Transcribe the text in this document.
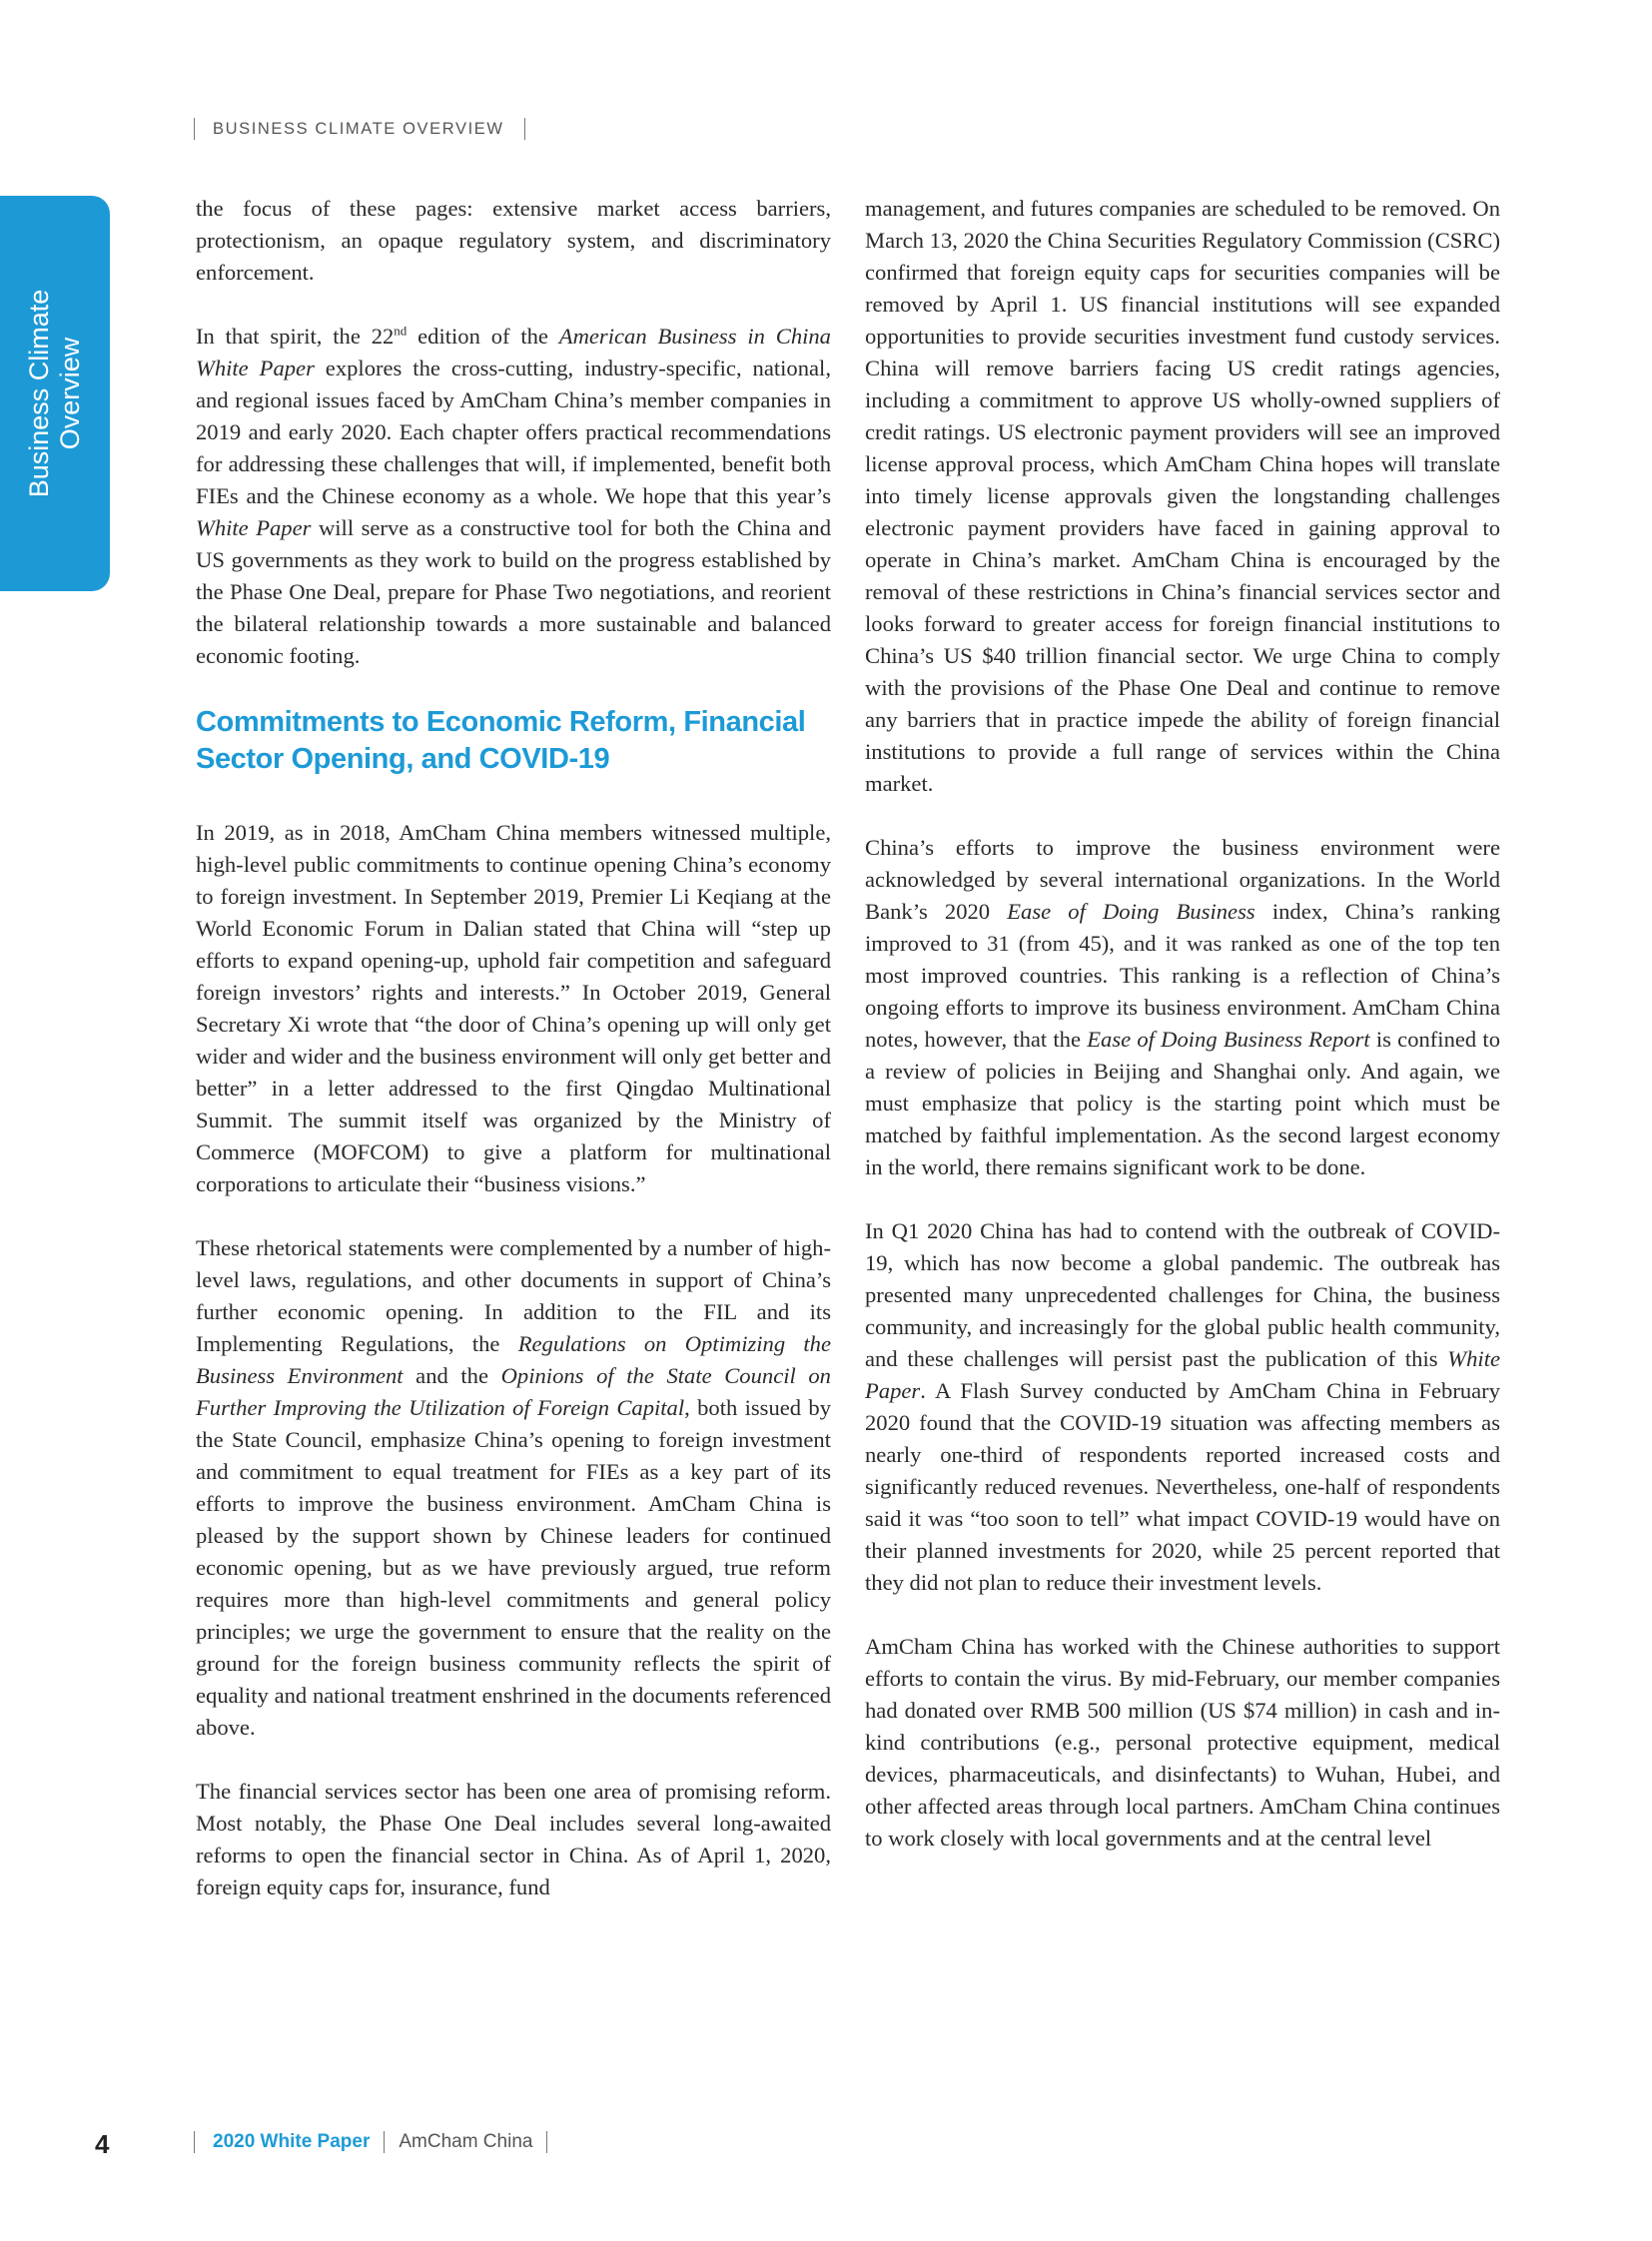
BUSINESS CLIMATE OVERVIEW
Business Climate Overview

the focus of these pages: extensive market access barriers, protectionism, an opaque regulatory system, and discriminatory enforcement.

In that spirit, the 22nd edition of the American Business in China White Paper explores the cross-cutting, industry-specific, national, and regional issues faced by AmCham China’s member companies in 2019 and early 2020. Each chapter offers practical recommendations for addressing these challenges that will, if implemented, benefit both FIEs and the Chinese economy as a whole. We hope that this year’s White Paper will serve as a constructive tool for both the China and US governments as they work to build on the progress established by the Phase One Deal, prepare for Phase Two negotiations, and reorient the bilateral relationship towards a more sustainable and balanced economic footing.

Commitments to Economic Reform, Financial
Sector Opening, and COVID-19

In 2019, as in 2018, AmCham China members witnessed multiple, high-level public commitments to continue opening China’s economy to foreign investment. In September 2019, Premier Li Keqiang at the World Economic Forum in Dalian stated that China will “step up efforts to expand opening-up, uphold fair competition and safeguard foreign investors’ rights and interests.” In October 2019, General Secretary Xi wrote that “the door of China’s opening up will only get wider and wider and the business environment will only get better and better” in a letter addressed to the first Qingdao Multinational Summit. The summit itself was organized by the Ministry of Commerce (MOFCOM) to give a platform for multinational corporations to articulate their “business visions.”

These rhetorical statements were complemented by a number of high-level laws, regulations, and other documents in support of China’s further economic opening. In addition to the FIL and its Implementing Regulations, the Regulations on Optimizing the Business Environment and the Opinions of the State Council on Further Improving the Utilization of Foreign Capital, both issued by the State Council, emphasize China’s opening to foreign investment and commitment to equal treatment for FIEs as a key part of its efforts to improve the business environment. AmCham China is pleased by the support shown by Chinese leaders for continued economic opening, but as we have previously argued, true reform requires more than high-level commitments and general policy principles; we urge the government to ensure that the reality on the ground for the foreign business community reflects the spirit of equality and national treatment enshrined in the documents referenced above.

The financial services sector has been one area of promising reform. Most notably, the Phase One Deal includes several long-awaited reforms to open the financial sector in China. As of April 1, 2020, foreign equity caps for, insurance, fund

management, and futures companies are scheduled to be removed. On March 13, 2020 the China Securities Regulatory Commission (CSRC) confirmed that foreign equity caps for securities companies will be removed by April 1. US financial institutions will see expanded opportunities to provide securities investment fund custody services. China will remove barriers facing US credit ratings agencies, including a commitment to approve US wholly-owned suppliers of credit ratings. US electronic payment providers will see an improved license approval process, which AmCham China hopes will translate into timely license approvals given the longstanding challenges electronic payment providers have faced in gaining approval to operate in China’s market. AmCham China is encouraged by the removal of these restrictions in China’s financial services sector and looks forward to greater access for foreign financial institutions to China’s US $40 trillion financial sector. We urge China to comply with the provisions of the Phase One Deal and continue to remove any barriers that in practice impede the ability of foreign financial institutions to provide a full range of services within the China market.

China’s efforts to improve the business environment were acknowledged by several international organizations. In the World Bank’s 2020 Ease of Doing Business index, China’s ranking improved to 31 (from 45), and it was ranked as one of the top ten most improved countries. This ranking is a reflection of China’s ongoing efforts to improve its business environment. AmCham China notes, however, that the Ease of Doing Business Report is confined to a review of policies in Beijing and Shanghai only. And again, we must emphasize that policy is the starting point which must be matched by faithful implementation. As the second largest economy in the world, there remains significant work to be done.

In Q1 2020 China has had to contend with the outbreak of COVID-19, which has now become a global pandemic. The outbreak has presented many unprecedented challenges for China, the business community, and increasingly for the global public health community, and these challenges will persist past the publication of this White Paper. A Flash Survey conducted by AmCham China in February 2020 found that the COVID-19 situation was affecting members as nearly one-third of respondents reported increased costs and significantly reduced revenues. Nevertheless, one-half of respondents said it was “too soon to tell” what impact COVID-19 would have on their planned investments for 2020, while 25 percent reported that they did not plan to reduce their investment levels.

AmCham China has worked with the Chinese authorities to support efforts to contain the virus. By mid-February, our member companies had donated over RMB 500 million (US $74 million) in cash and in-kind contributions (e.g., personal protective equipment, medical devices, pharmaceuticals, and disinfectants) to Wuhan, Hubei, and other affected areas through local partners. AmCham China continues to work closely with local governments and at the central level

4	2020 White Paper AmCham China
